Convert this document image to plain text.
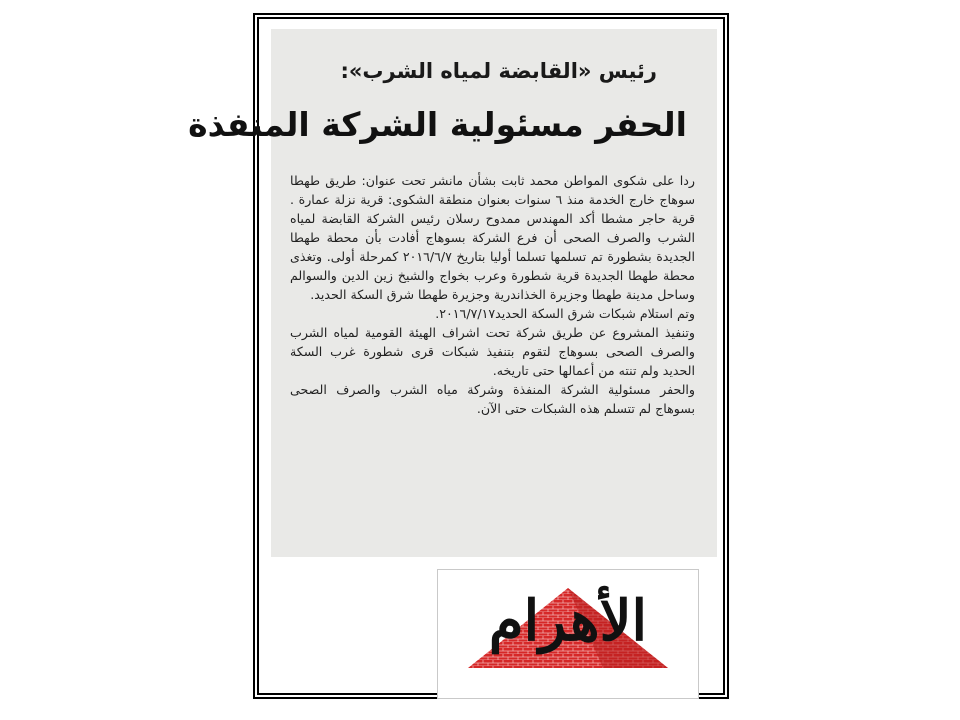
رئيس «القابضة لمياه الشرب»:
الحفر مسئولية الشركة المنفذة

ردا على شكوى المواطن محمد ثابت بشأن مانشر تحت عنوان: طريق طهطا سوهاج خارج الخدمة منذ ٦ سنوات بعنوان منطقة الشكوى: قرية نزلة عمارة . قرية حاجر مشطا أكد المهندس ممدوح رسلان رئيس الشركة القابضة لمياه الشرب والصرف الصحى أن فرع الشركة بسوهاج أفادت بأن محطة طهطا الجديدة بشطورة تم تسلمها تسلما أوليا بتاريخ ٢٠١٦/٦/٧ كمرحلة أولى. وتغذى محطة طهطا الجديدة قرية شطورة وعرب بخواج والشيخ زين الدين والسوالم وساحل مدينة طهطا وجزيرة الخذاندرية وجزيرة طهطا شرق السكة الحديد.

وتم استلام شبكات شرق السكة الحديد٢٠١٦/٧/١٧.

وتنفيذ المشروع عن طريق شركة تحت اشراف الهيئة القومية لمياه الشرب والصرف الصحى بسوهاج لتقوم بتنفيذ شبكات قرى شطورة غرب السكة الحديد ولم تنته من أعمالها حتى تاريخه.

والحفر مسئولية الشركة المنفذة وشركة مياه الشرب والصرف الصحى بسوهاج لم تتسلم هذه الشبكات حتى الآن.

الأهرام
